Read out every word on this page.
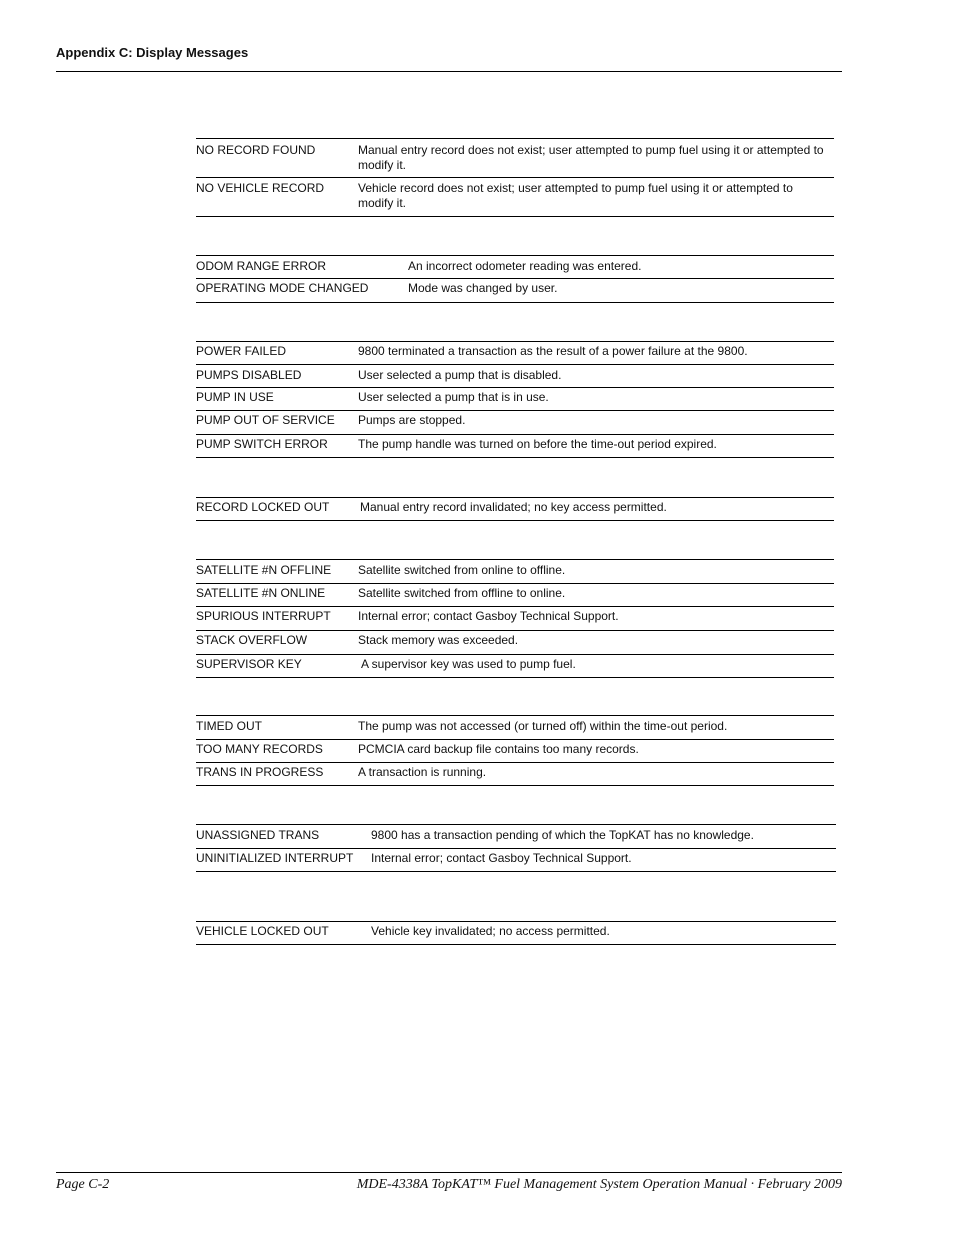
Appendix C: Display Messages
NO RECORD FOUND	Manual entry record does not exist; user attempted to pump fuel using it or attempted to modify it.
NO VEHICLE RECORD	Vehicle record does not exist; user attempted to pump fuel using it or attempted to modify it.
ODOM RANGE ERROR	An incorrect odometer reading was entered.
OPERATING MODE CHANGED	Mode was changed by user.
POWER FAILED	9800 terminated a transaction as the result of a power failure at the 9800.
PUMPS DISABLED	User selected a pump that is disabled.
PUMP IN USE	User selected a pump that is in use.
PUMP OUT OF SERVICE Pumps are stopped.
PUMP SWITCH ERROR	The pump handle was turned on before the time-out period expired.
RECORD LOCKED OUT	Manual entry record invalidated; no key access permitted.
SATELLITE #N OFFLINE Satellite switched from online to offline.
SATELLITE #N ONLINE	Satellite switched from offline to online.
SPURIOUS INTERRUPT Internal error; contact Gasboy Technical Support.
STACK OVERFLOW	Stack memory was exceeded.
SUPERVISOR KEY	A supervisor key was used to pump fuel.
TIMED OUT	The pump was not accessed (or turned off) within the time-out period.
TOO MANY RECORDS	PCMCIA card backup file contains too many records.
TRANS IN PROGRESS	A transaction is running.
UNASSIGNED TRANS	9800 has a transaction pending of which the TopKAT has no knowledge.
UNINITIALIZED INTERRUPT Internal error; contact Gasboy Technical Support.
VEHICLE LOCKED OUT	Vehicle key invalidated; no access permitted.
Page C-2	MDE-4338A TopKAT™ Fuel Management System Operation Manual · February 2009
